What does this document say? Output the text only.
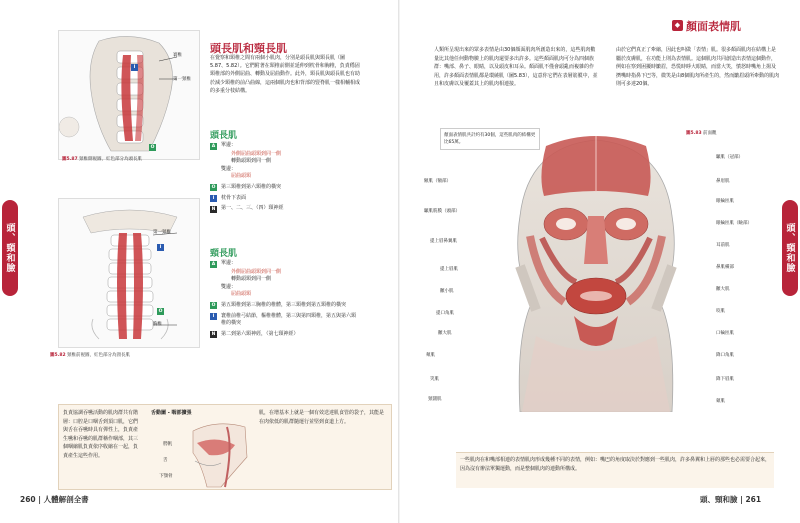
頭、頸和臉
I
O
寰椎
第一頸椎
圖5.87 頸椎側視圖，紅色部分為頭長肌
I
O
第一頸椎
胸椎
圖5.82 頸椎前視圖，紅色部分為頸長肌
頭長肌和頸長肌
在覺察和頸椎之間有兩個小肌肉，分別是頭長肌與頸長肌（圖5.87、5.82）。它們附著在頸椎前側並延伸到枕骨和胸椎，負責穩固頸椎部的外側屈曲、轉動及屈曲動作。此外，頸長肌與頭長肌也有助於減少頸椎的前凸曲線，這兩個肌肉也和背部的豎脊肌一樣相輔相成的多重分枝結構。
頭長肌
A	單邊：
外側屈曲頭頸到同一側
轉動頭頸到同一側
雙邊：
屈曲頭頸
O	第三頸椎到第六頸椎的橫突
I	枕骨下表面
N	第一、二、三、（四）頸神經
頸長肌
A	單邊：
外側屈曲頭頸到同一側
轉動頭頸到同一側
雙邊：
屈曲頭頸
O	第五頸椎到第三胸椎的椎體，第三頸椎到第五頸椎的橫突
I	寰椎前椎弓結節，樞椎椎體，第三與第四頸椎，第五與第六頸椎的橫突
N	第二到第六頸神經，（第七頸神經）
負責協調吞嚥活動的肌肉群共有階層：口腔是口咽舌到頂口肌，它們與舌在吞嚥時具有彈性上，負責產生嚥和吞嚥的肌群稱作咽部，其三個咽縮肌負責依序收縮在一起，負責產生這些作用。
舌動圖 - 咽部擴張
腭帆
舌
下顎骨
肌，在增基本上就是一個有效送達肌食管的袋子，其能是在肉依低的肌群隨運行並堅到食道上方。
260 | 人體解剖全書
◆ 顏面表情肌
人類所呈現出來的眾多表情是由30個顏面肌肉所創造出來的，這些肌肉數量比其他任何動物臉上的肌肉還要多出許多。這些顏面肌肉可分為四個族群：嘴部、鼻子、眼睛，以及頭皮和耳朵。顏面肌不僅會頭亂而複雜的作用，許多顏面表情肌都是環繞肌（圖5.83），這意你它們在表層筋膜中，並且和皮膚以及覆蓋其上的肌肉相連接。
由於它們真正了牽縮，因此也叫做「表情」肌。很多顏面肌肉在結構上是屬於皮膚肌，在功能上則為表情肌。這個肌肉共同創造出表情這個動作，例如在察到困擾時皺眉，恐慌時睜大眼睛，而當大笑，憤怒時嘴角上揚及擠嘴時指鼻下巴等，微笑是由8個肌肉所產生的，然而皺眉頭所牽動的肌肉則可多達20個。
圖5.83 前面觀
顏面表情肌共計約有30個，這些肌肉的結構更比65萬。
額肌（額部）
顳肌筋膜（頭部）
提上唇鼻翼肌
提上唇肌
顴小肌
提口角肌
顴大肌
笑肌
頰肌
頸闊肌
顳肌（冠部）
鼻眉肌
眼輪匝肌
眼輪匝肌（瞼部）
耳前肌
鼻肌橫部
顴大肌
咬肌
口輪匝肌
降口角肌
降下唇肌
頦肌
一些肌肉在和嘴部相連的表情肌肉形成幾種不同的表情，例如：嘴巴的角度取決於對應到一些肌肉，許多鼻翼和上唇的那些也必需要合起來，因為沒有辦法單獨運動，而是整個肌肉的連動所構成。
頭、頸和臉
頭、頸和臉 | 261
